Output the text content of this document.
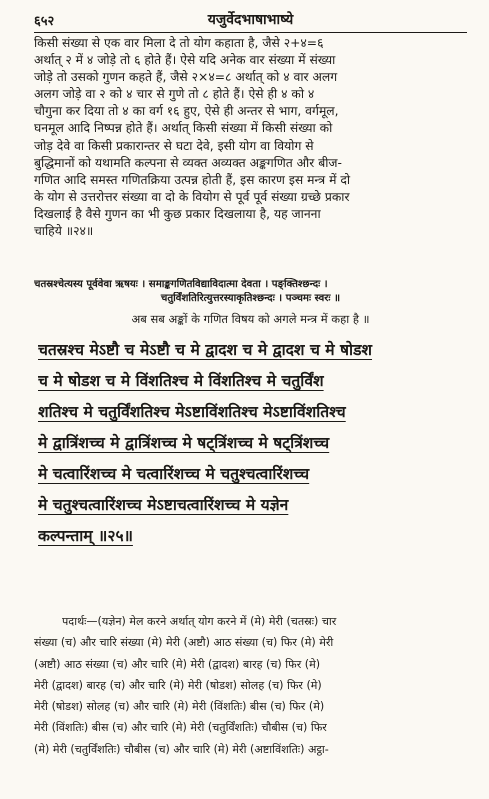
६५२	यजुर्वेदभाषाभाष्ये
किसी संख्या से एक वार मिला दे तो योग कहाता है, जैसे २+४=६
अर्थात् २ में ४ जोड़े तो ६ होते हैं। ऐसे यदि अनेक वार संख्या में संख्या
जोड़े तो उसको गुणन कहते हैं, जैसे २×४=८ अर्थात् को ४ वार अलग
अलग जोड़े वा २ को ४ चार से गुणे तो ८ होते हैं। ऐसे ही ४ को ४
चौगुना कर दिया तो ४ का वर्ग १६ हुए, ऐसे ही अन्तर से भाग, वर्गमूल,
घनमूल आदि निष्पन्न होते हैं। अर्थात् किसी संख्या में किसी संख्या को
जोड़ देवे वा किसी प्रकारान्तर से घटा देवे, इसी योग वा वियोग से
बुद्धिमानों को यथामति कल्पना से व्यक्त अव्यक्त अङ्कगणित और बीज-
गणित आदि समस्त गणितक्रिया उत्पन्न होती हैं, इस कारण इस मन्त्र में दो
के योग से उत्तरोत्तर संख्या वा दो के वियोग से पूर्व पूर्व संख्या ग्रच्छे प्रकार
दिखलाई है वैसे गुणन का भी कुछ प्रकार दिखलाया है, यह जानना
चाहिये ॥२४॥
चतस्रश्चेत्यस्य पूर्ववेवा ऋषयः । समाङ्कगणितविद्याविदात्मा देवता । पङ्क्तिश्छन्दः ।
चतुर्विंशतिरित्युत्तरस्याकृतिश्छन्दः । पञ्चमः स्वरः ॥
अब सब अङ्कों के गणित विषय को अगले मन्त्र में कहा है ॥
चतस्रश्च मेऽष्टौ च मेऽष्टौ च मे द्वादश च मे द्वादश च मे षोडश
च मे षोडश च मे विंशतिश्च मे विंशतिश्च मे चतुर्विंश
शतिश्च मे चतुर्विंशतिश्च मेऽष्टाविंशतिश्च मेऽष्टाविंशतिश्च
मे द्वात्रिंशच्च मे द्वात्रिंशच्च मे षट्त्रिंशच्च मे षट्त्रिंशच्च
मे चत्वारिंशच्च मे चत्वारिंशच्च मे चतुश्चत्वारिंशच्च
मे चतुश्चत्वारिंशच्च मेऽष्टाचत्वारिंशच्च मे यज्ञेन
कल्पन्ताम् ॥२५॥
पदार्थः—(यज्ञेन) मेल करने अर्थात् योग करने में (मे) मेरी (चतस्रः) चार
संख्या (च) और चारि संख्या (मे) मेरी (अष्टौ) आठ संख्या (च) फिर (मे) मेरी
(अष्टौ) आठ संख्या (च) और चारि (मे) मेरी (द्वादश) बारह (च) फिर (मे)
मेरी (द्वादश) बारह (च) और चारि (मे) मेरी (षोडश) सोलह (च) फिर (मे)
मेरी (षोडश) सोलह (च) और चारि (मे) मेरी (विंशतिः) बीस (च) फिर (मे)
मेरी (विंशतिः) बीस (च) और चारि (मे) मेरी (चतुर्विंशतिः) चौबीस (च) फिर
(मे) मेरी (चतुर्विंशतिः) चौबीस (च) और चारि (मे) मेरी (अष्टाविंशतिः) अट्ठा-
